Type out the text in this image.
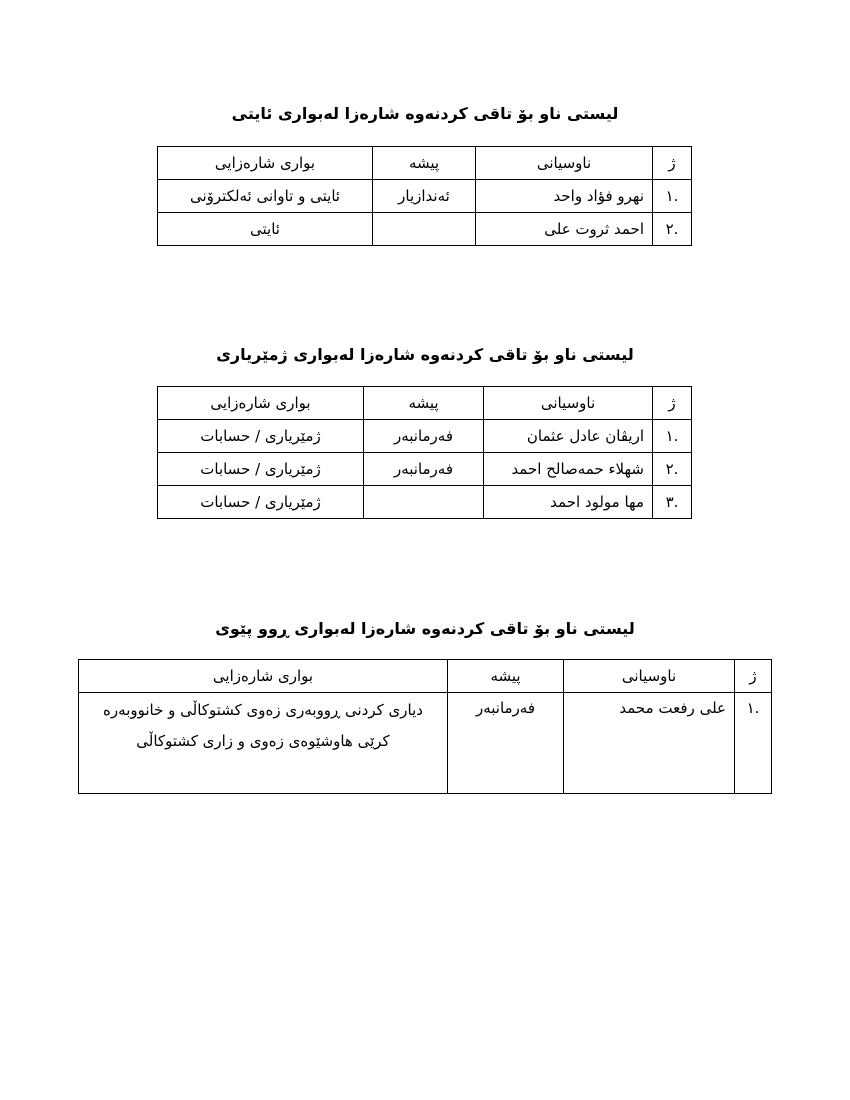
لیستی ناو بۆ تاقی کردنەوە شارەزا لەبواری ئایتی
ژ	ناوسیانی	پیشە	بواری شارەزایی
.١	نهرو فؤاد واحد	ئەندازیار	ئایتی و تاوانی ئەلکترۆنی
.٢	احمد ثروت علی		ئایتی
لیستی ناو بۆ تاقی کردنەوە شارەزا لەبواری ژمێریاری
ژ	ناوسیانی	پیشە	بواری شارەزایی
.١	اریڤان عادل عثمان	فەرمانبەر	ژمێریاری / حسابات
.٢	شهلاء حمەصالح احمد	فەرمانبەر	ژمێریاری / حسابات
.٣	مها مولود احمد		ژمێریاری / حسابات
لیستی ناو بۆ تاقی کردنەوە شارەزا لەبواری ڕوو پێوی
ژ	ناوسیانی	پیشە	بواری شارەزایی
.١	علی رفعت محمد	فەرمانبەر	دیاری کردنی ڕووبەری زەوی کشتوکاڵی و خانووبەرە کرێی هاوشێوەی زەوی و زاری کشتوکاڵی
